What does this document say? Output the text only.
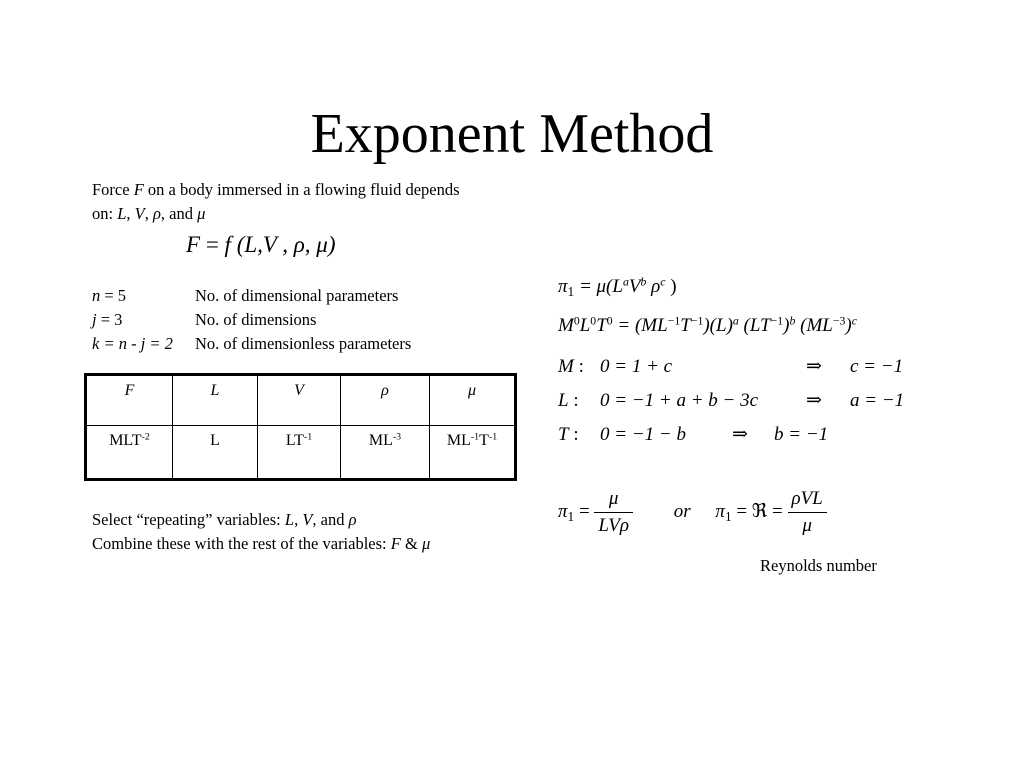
Exponent Method
Force F on a body immersed in a flowing fluid depends
on: L, V, ρ, and μ
F = f (L,V , ρ, μ)
n = 5	No. of dimensional parameters
j = 3	No. of dimensions
k = n - j = 2 No. of dimensionless parameters
F	L	V	ρ	μ
$MLT^{-2}$	L	$LT^{-1}$	$ML^{-3}$	$ML^{-1}T^{-1}$
Select “repeating” variables: L, V, and ρ
Combine these with the rest of the variables: F & μ
$\pi_1 = \mu(L^aV^b$ $\rho^c$ )
$M^0L^0T^0 = (ML^{-1}T^{-1})(L)^a$ $(LT^{-1})^b$ $(ML^{-3})^c$
M : 0 = 1 + c	⇒ c = −1
L : 0 = −1 + a + b − 3c	⇒ a = −1
T : 0 = −1 − b ⇒ b = −1
$\pi_1 = \frac{\mu}{\text{LVρ}}$ or $\pi_1$ = ℜ = $\frac{\text{ρVL}}{\mu}$
Reynolds number
